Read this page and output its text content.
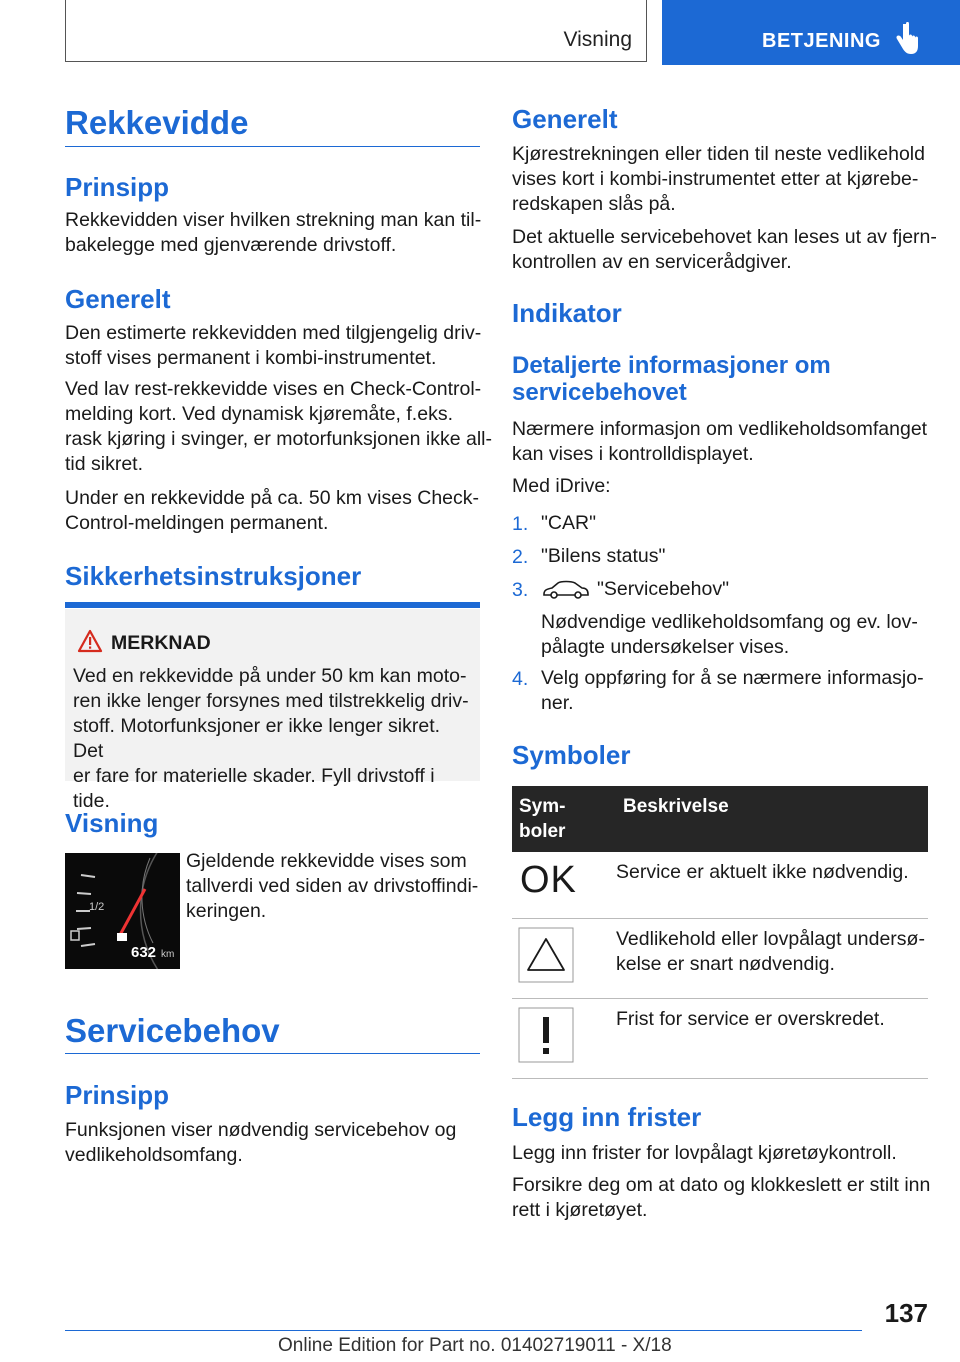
Visning	BETJENING
Rekkevidde
Prinsipp

Rekkevidden viser hvilken strekning man kan til-
bakelegge med gjenværende drivstoff.

Generelt

Den estimerte rekkevidden med tilgjengelig driv-
stoff vises permanent i kombi-instrumentet.

Ved lav rest-rekkevidde vises en Check-Control-
melding kort. Ved dynamisk kjøremåte, f.eks.
rask kjøring i svinger, er motorfunksjonen ikke all-
tid sikret.

Under en rekkevidde på ca. 50 km vises Check-
Control-meldingen permanent.

Sikkerhetsinstruksjoner
MERKNAD
Ved en rekkevidde på under 50 km kan moto-
ren ikke lenger forsynes med tilstrekkelig driv-
stoff. Motorfunksjoner er ikke lenger sikret. Det
er fare for materielle skader. Fyll drivstoff i tide.
Visning
1/2
632 km

Gjeldende rekkevidde vises som
tallverdi ved siden av drivstoffindi-
keringen.

Servicebehov
Prinsipp

Funksjonen viser nødvendig servicebehov og
vedlikeholdsomfang.

Generelt

Kjørestrekningen eller tiden til neste vedlikehold
vises kort i kombi-instrumentet etter at kjørebe-
redskapen slås på.

Det aktuelle servicebehovet kan leses ut av fjern-
kontrollen av en servicerådgiver.

Indikator
Detaljerte informasjoner om
servicebehovet

Nærmere informasjon om vedlikeholdsomfanget
kan vises i kontrolldisplayet.

Med iDrive:

1. "CAR"
2. "Bilens status"
3.	"Servicebehov"

Nødvendige vedlikeholdsomfang og ev. lov-
pålagte undersøkelser vises.

4. Velg oppføring for å se nærmere informasjo-
ner.

Symboler
Sym-
boler	Beskrivelse

OK	Service er aktuelt ikke nødvendig.
	Vedlikehold eller lovpålagt undersø-
kelse er snart nødvendig.
	Frist for service er overskredet.
Legg inn frister

Legg inn frister for lovpålagt kjøretøykontroll.

Forsikre deg om at dato og klokkeslett er stilt inn
rett i kjøretøyet.

137
Online Edition for Part no. 01402719011 - X/18
